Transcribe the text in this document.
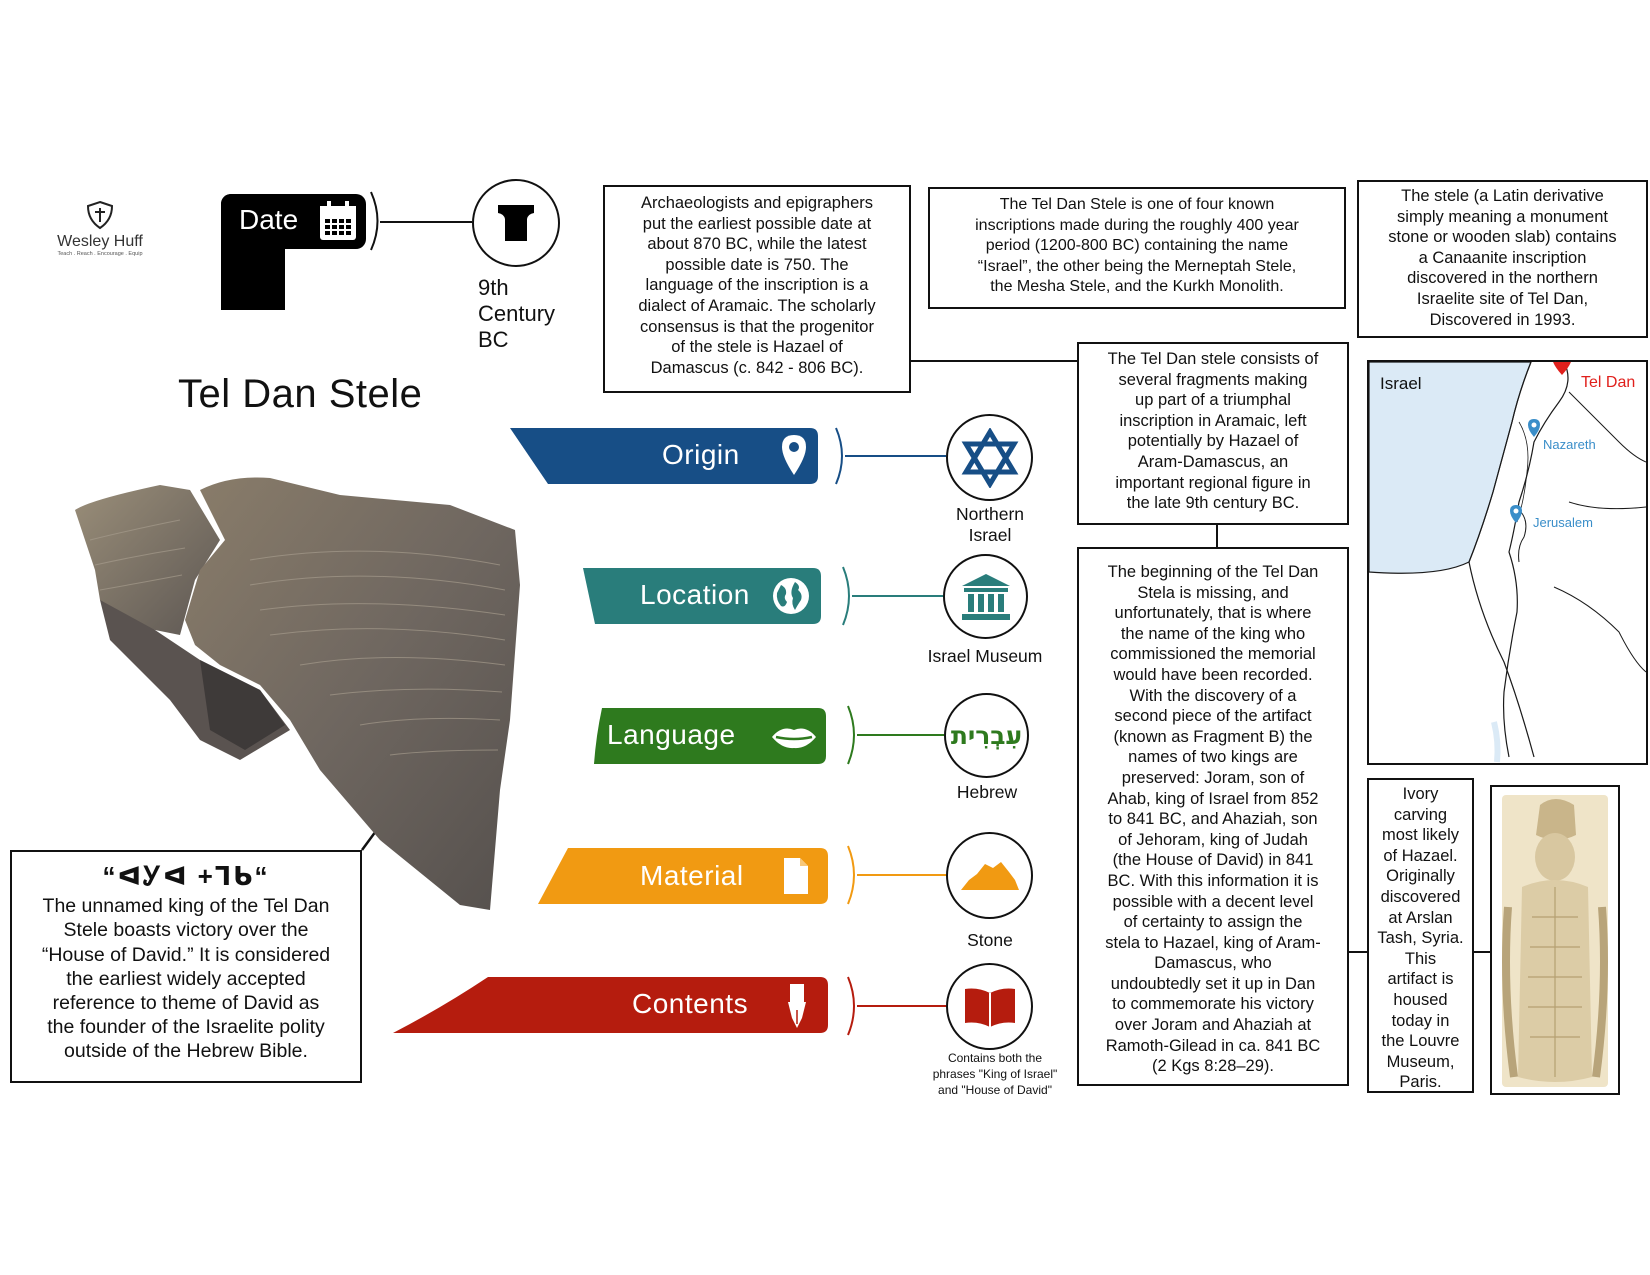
Wesley Huff
Teach . Reach . Encourage . Equip
Date
9th
Century
BC
Tel Dan Stele
Archaeologists and epigraphers
put the earliest possible date at
about 870 BC, while the latest
possible date is 750. The
language of the inscription is a
dialect of Aramaic. The scholarly
consensus is that the progenitor
of the stele is Hazael of
Damascus (c. 842 - 806 BC).
The Tel Dan Stele is one of four known
inscriptions made during the roughly 400 year
period (1200-800 BC) containing the name
“Israel”, the other being the Merneptah Stele,
the Mesha Stele, and the Kurkh Monolith.
The stele (a Latin derivative
simply meaning a monument
stone or wooden slab) contains
a Canaanite inscription
discovered in the northern
Israelite site of Tel Dan,
Discovered in 1993.
The Tel Dan stele consists of
several fragments making
up part of a triumphal
inscription in Aramaic, left
potentially by Hazael of
Aram-Damascus, an
important regional figure in
the late 9th century BC.
The beginning of the Tel Dan
Stela is missing, and
unfortunately, that is where
the name of the king who
commissioned the memorial
would have been recorded.
With the discovery of a
second piece of the artifact
(known as Fragment B) the
names of two kings are
preserved: Joram, son of
Ahab, king of Israel from 852
to 841 BC, and Ahaziah, son
of Jehoram, king of Judah
(the House of David) in 841
BC. With this information it is
possible with a decent level
of certainty to assign the
stela to Hazael, king of Aram-
Damascus, who
undoubtedly set it up in Dan
to commemorate his victory
over Joram and Ahaziah at
Ramoth-Gilead in ca. 841 BC
(2 Kgs 8:28–29).
Ivory
carving
most likely
of Hazael.
Originally
discovered
at Arslan
Tash, Syria.
This
artifact is
housed
today in
the Louvre
Museum,
Paris.
Israel	Tel Dan
Nazareth
Jerusalem
“ᐊᎩᐊ +ᒣᑲ“
The unnamed king of the Tel Dan
Stele boasts victory over the
“House of David.” It is considered
the earliest widely accepted
reference to theme of David as
the founder of the Israelite polity
outside of the Hebrew Bible.
Origin
Location
Language
Material
Contents
Northern
Israel
Israel Museum
עִבְרִית
Hebrew
Stone
Contains both the
phrases "King of Israel"
and "House of David"
